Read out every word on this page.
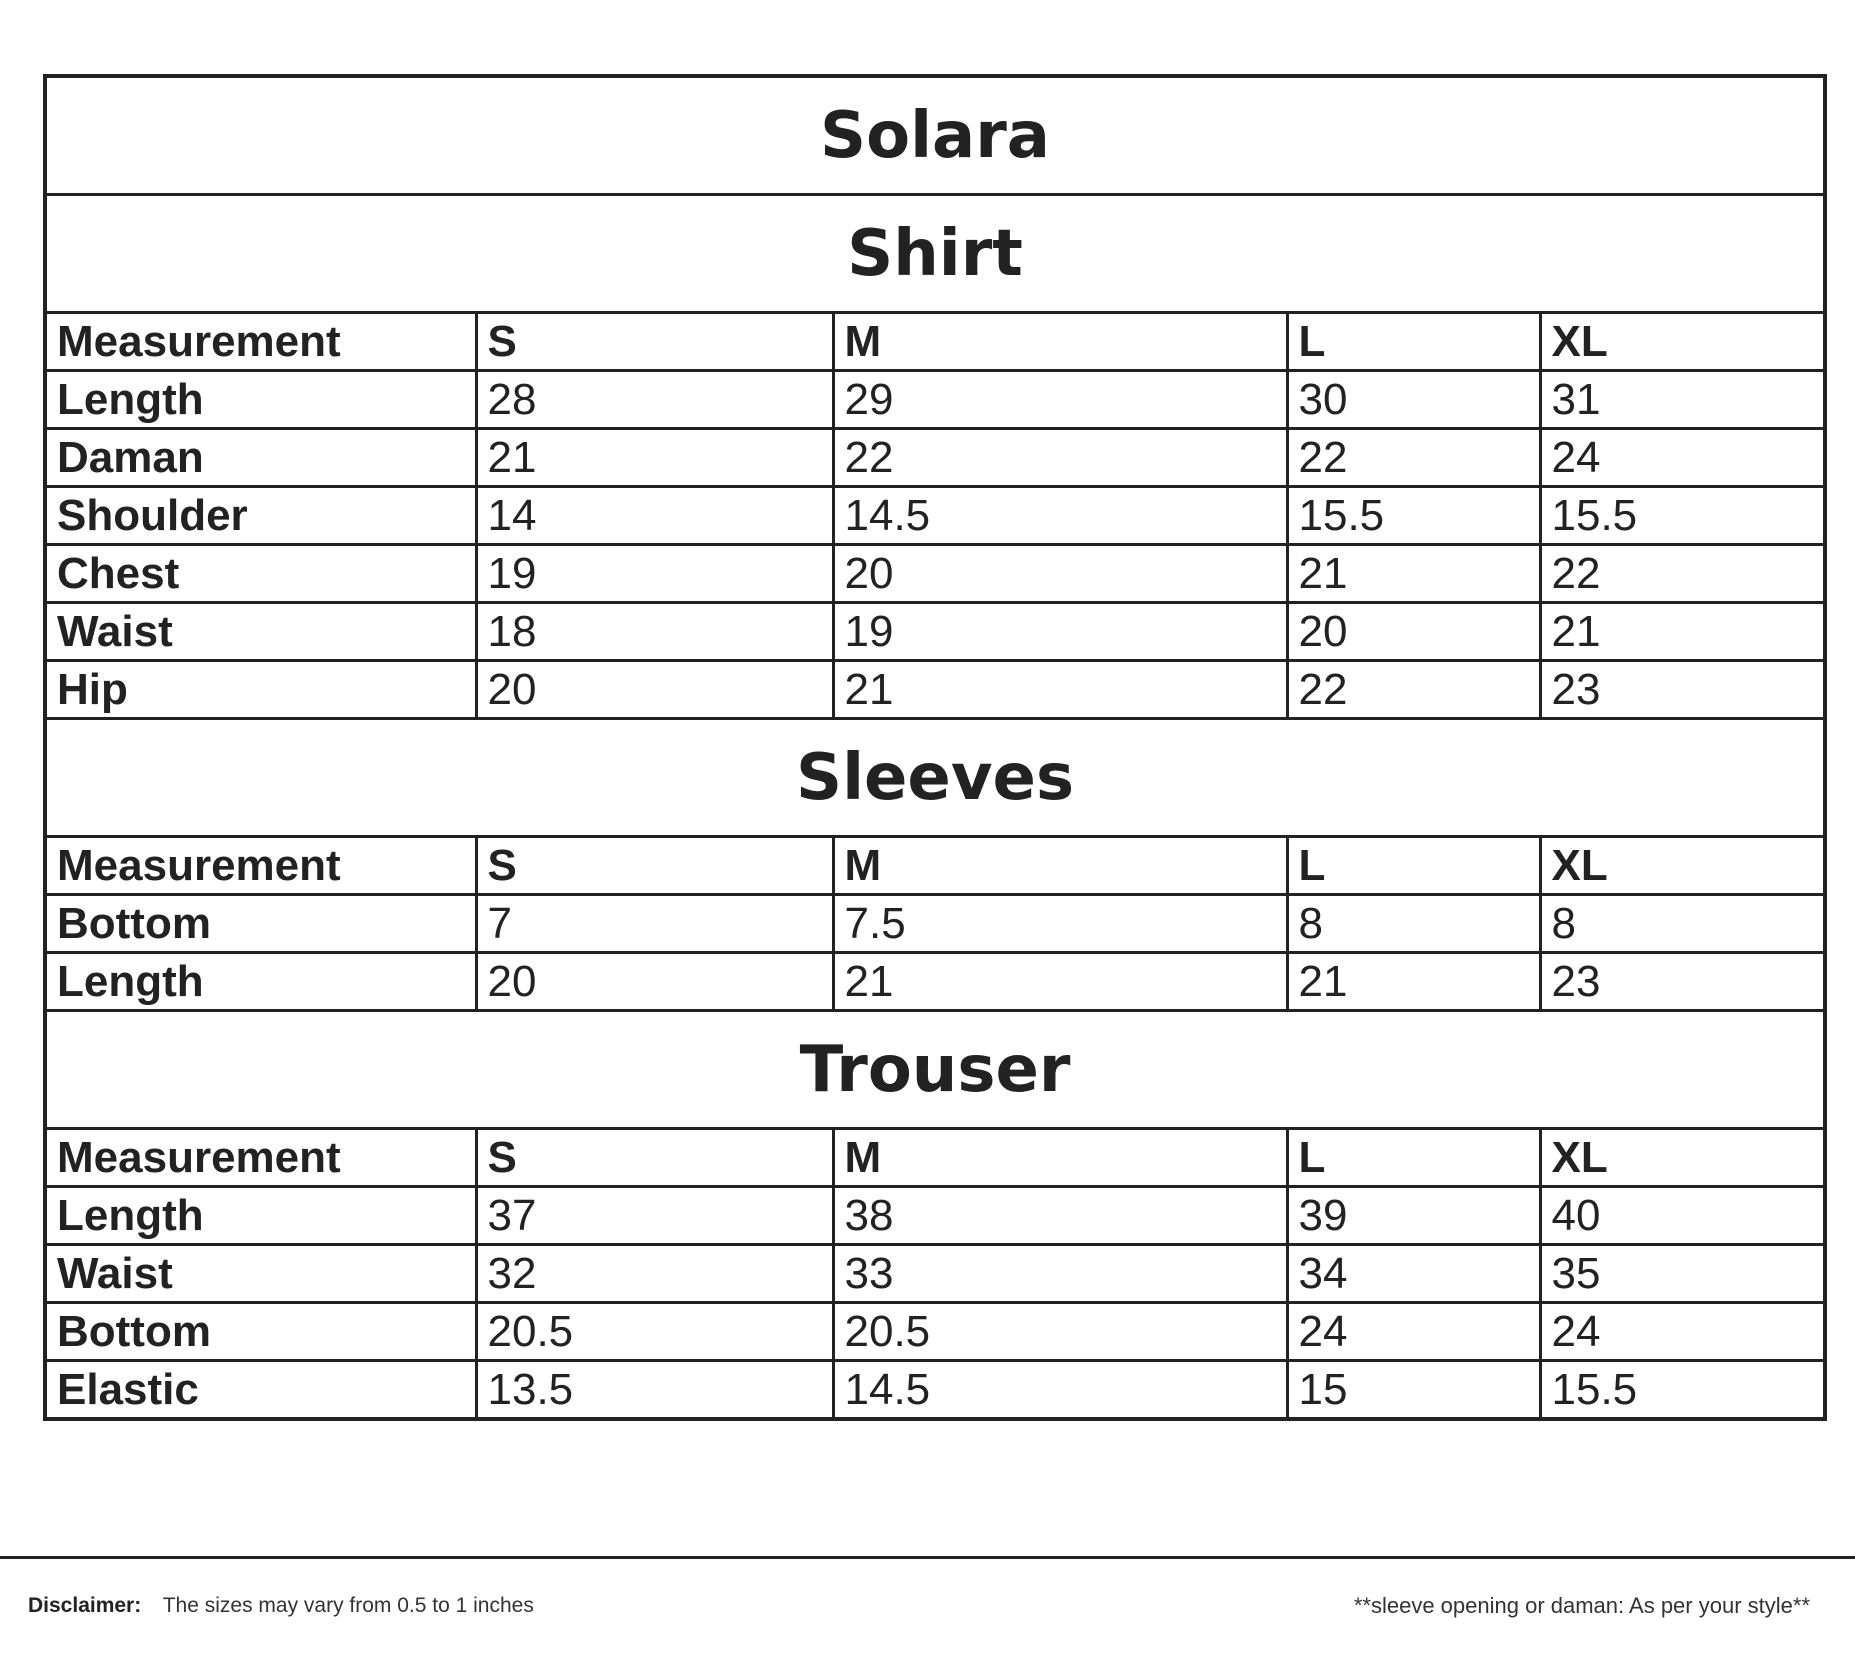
Solara				
Shirt				
Measurement	S	M	L	XL
Length	28	29	30	31
Daman	21	22	22	24
Shoulder	14	14.5	15.5	15.5
Chest	19	20	21	22
Waist	18	19	20	21
Hip	20	21	22	23
Sleeves				
Measurement	S	M	L	XL
Bottom	7	7.5	8	8
Length	20	21	21	23
Trouser				
Measurement	S	M	L	XL
Length	37	38	39	40
Waist	32	33	34	35
Bottom	20.5	20.5	24	24
Elastic	13.5	14.5	15	15.5
Disclaimer: The sizes may vary from 0.5 to 1 inches	**sleeve opening or daman: As per your style**
